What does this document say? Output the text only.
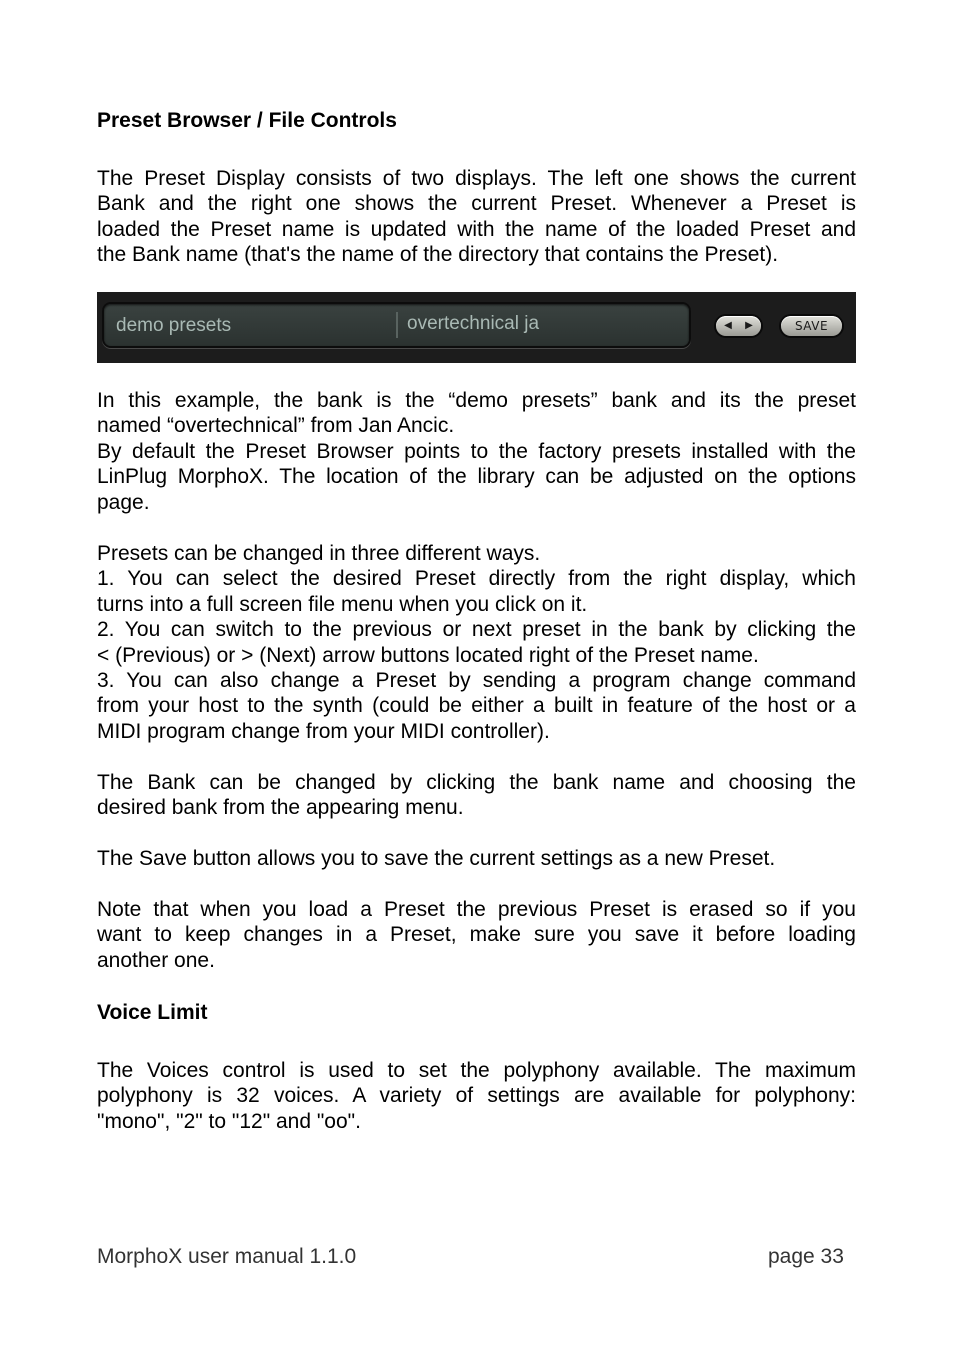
Preset Browser / File Controls

The Preset Display consists of two displays. The left one shows the current
Bank and the right one shows the current Preset. Whenever a Preset is
loaded the Preset name is updated with the name of the loaded Preset and
the Bank name (that's the name of the directory that contains the Preset).

demo presets	overtechnical ja	◀	▶	SAVE

In this example, the bank is the “demo presets” bank and its the preset
named “overtechnical” from Jan Ancic.
By default the Preset Browser points to the factory presets installed with the
LinPlug MorphoX. The location of the library can be adjusted on the options
page.

Presets can be changed in three different ways.
1. You can select the desired Preset directly from the right display, which
turns into a full screen file menu when you click on it.
2. You can switch to the previous or next preset in the bank by clicking the
< (Previous) or > (Next) arrow buttons located right of the Preset name.
3. You can also change a Preset by sending a program change command
from your host to the synth (could be either a built in feature of the host or a
MIDI program change from your MIDI controller).

The Bank can be changed by clicking the bank name and choosing the
desired bank from the appearing menu.

The Save button allows you to save the current settings as a new Preset.

Note that when you load a Preset the previous Preset is erased so if you
want to keep changes in a Preset, make sure you save it before loading
another one.

Voice Limit

The Voices control is used to set the polyphony available. The maximum
polyphony is 32 voices. A variety of settings are available for polyphony:
"mono", "2" to "12" and "oo".

MorphoX user manual 1.1.0	page 33
